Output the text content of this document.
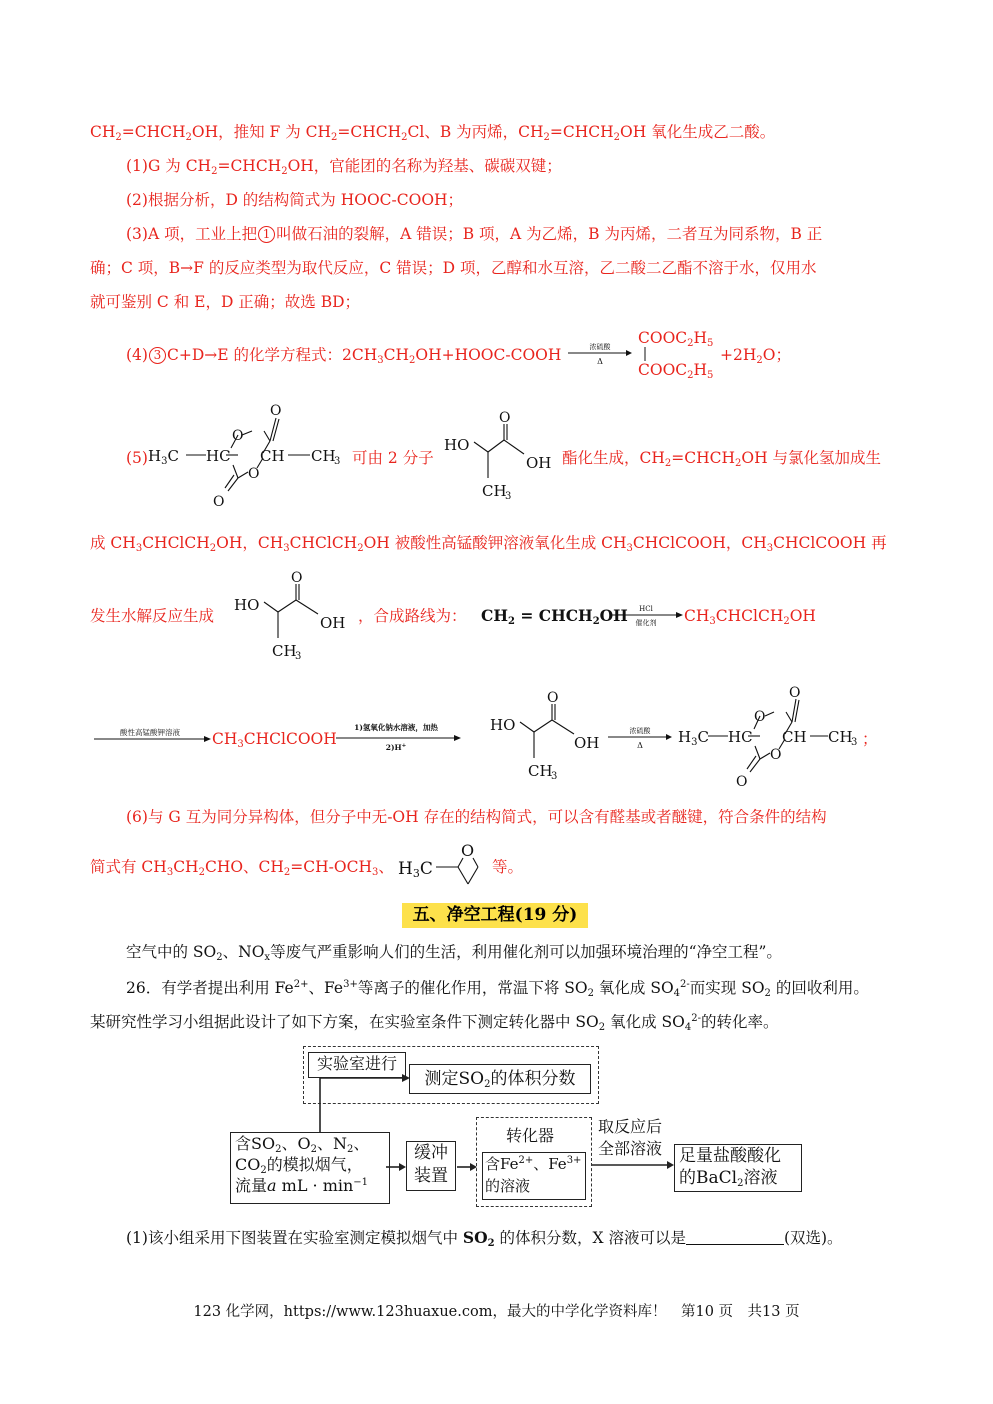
$CH_2=CHCH_2OH$，推知 F 为 $CH_2=CHCH_2Cl$、B 为丙烯，$CH_2=CHCH_2OH$ 氧化生成乙二酸。
(1)G 为 $CH_2=CHCH_2OH$，官能团的名称为羟基、碳碳双键；
(2)根据分析，D 的结构简式为 HOOC-COOH；
(3)A 项，工业上把 1 叫做石油的裂解，A 错误；B 项，A 为乙烯，B 为丙烯，二者互为同系物，B 正
确；C 项，B→F 的反应类型为取代反应，C 错误；D 项，乙醇和水互溶，乙二酸二乙酯不溶于水，仅用水
就可鉴别 C 和 E，D 正确；故选 BD；
(4) 3 C+D→E 的化学方程式：$2CH_3CH_2OH+HOOC$-COOH	浓硫酸
Δ
$COOC_2H_5$
$COOC_2H_5$
$+2H_2O$；
(5) $H_3C$ HC
O
O
CH CH
3
O
O
可由 2 分子
HO
O
OH
CH
3
酯化生成，$CH_2=CHCH_2OH$ 与氯化氢加成生
成 $CH_3CHClCH_2OH$，$CH_3CHClCH_2OH$ 被酸性高锰酸钾溶液氧化生成 $CH_3CHClCOOH$，$CH_3CHClCOOH$ 再
发生水解反应生成
HO
O
OH
CH
3
，合成路线为： $CH_2$ = $CHCH_2OH$ HCl
催化剂 $CH_3CHClCH_2OH$
酸性高锰酸钾溶液 $CH_3CHClCOOH$
1)氢氧化钠水溶液，加热
2)H+
HO
O
OH
CH
3
浓硫酸
Δ $H_3C$ HC
O
O
CH CH
3
O
O
；
(6)与 G 互为同分异构体，但分子中无-OH 存在的结构简式，可以含有醛基或者醚键，符合条件的结构
简式有 $CH_3CH_2CHO$、$CH_2=CH-OCH_3$、 H3C
O
等。
五、净空工程(19 分)
空气中的 $SO_2$、$NO_x$等废气严重影响人们的生活，利用催化剂可以加强环境治理的“净空工程”。
26．有学者提出利用 $Fe^{2+}$、$Fe^{3+}$等离子的催化作用，常温下将 $SO_2$ 氧化成 $SO_4^{2-}$而实现 $SO_2$ 的回收利用。
某研究性学习小组据此设计了如下方案，在实验室条件下测定转化器中 $SO_2$ 氧化成 $SO_4^{2-}$的转化率。
实验室进行
测定$SO_2$的体积分数
含$SO_2$、$O_2$、$N_2$、
$CO_2$的模拟烟气，
流量a mL · $\min^{-1}$
缓冲
装置
转化器
含$Fe^{2+}$、$Fe^{3+}$
的溶液
取反应后
全部溶液 足量盐酸酸化
的BaCl$_2$溶液
(1)该小组采用下图装置在实验室测定模拟烟气中 $SO_2$ 的体积分数，X 溶液可以是	(双选)。
123 化学网，https://www.123huaxue.com，最大的中学化学资料库！　第10 页　共13 页
